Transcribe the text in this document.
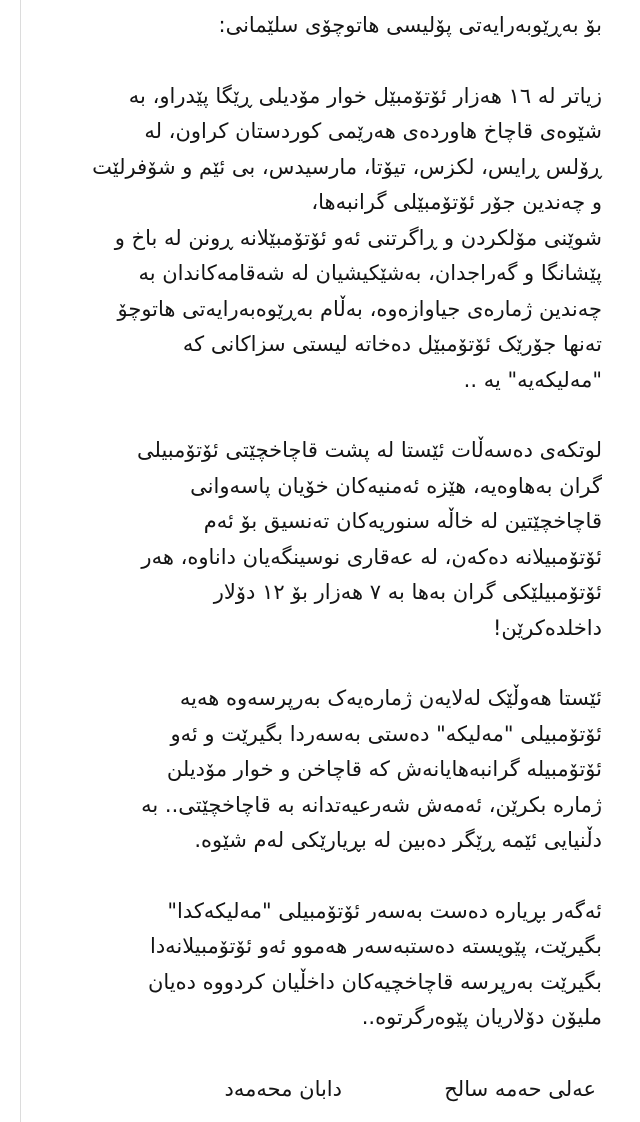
بۆ بەڕێوبەرایەتی پۆلیسی هاتوچۆی سلێمانی:

زیاتر لە ١٦ هەزار ئۆتۆمبێل خوار مۆدیلی ڕێگا پێدراو، بە
شێوەی قاچاخ هاوردەی هەرێمی کوردستان کراون، لە
ڕۆلس ڕایس، لکزس، تیۆتا، مارسیدس، بی ئێم و شۆفرلێت
و چەندین جۆر ئۆتۆمبێلی گرانبەها،
شوێنی مۆلکردن و ڕاگرتنی ئەو ئۆتۆمبێلانە ڕونن لە باخ و
پێشانگا و گەراجدان، بەشێکیشیان لە شەقامەکاندان بە
چەندین ژمارەی جیاوازەوە، بەڵام بەڕێوەبەرایەتی هاتوچۆ
تەنها جۆرێک ئۆتۆمبێل دەخاتە لیستی سزاکانی کە
"مەلیکەیە" یە ..

لوتکەی دەسەڵات ئێستا لە پشت قاچاخچێتی ئۆتۆمبیلی
گران بەهاوەیە، هێزە ئەمنیەکان خۆیان پاسەوانی
قاچاخچێتین لە خاڵە سنوریەکان تەنسیق بۆ ئەم
ئۆتۆمبیلانە دەکەن، لە عەقاری نوسینگەیان داناوە، هەر
ئۆتۆمبیلێکی گران بەها بە ٧ هەزار بۆ ١٢ دۆلار
داخلدەکرێن!

ئێستا هەوڵێک لەلایەن ژمارەیەک بەرپرسەوە هەیە
ئۆتۆمبیلی "مەلیکە" دەستی بەسەردا بگیرێت و ئەو
ئۆتۆمبیلە گرانبەهایانەش کە قاچاخن و خوار مۆدیلن
ژمارە بکرێن، ئەمەش شەرعیەتدانە بە قاچاخچێتی.. بە
دڵنیایی ئێمە ڕێگر دەبین لە بڕیارێکی لەم شێوە.

ئەگەر بڕیارە دەست بەسەر ئۆتۆمبیلی "مەلیکەکدا"
بگیرێت، پێویستە دەستبەسەر هەموو ئەو ئۆتۆمبیلانەدا
بگیرێت بەرپرسە قاچاخچیەکان داخڵیان کردووە دەیان
ملیۆن دۆلاریان پێوەرگرتوە..

عەلی حەمە سالح
دابان محەمەد
